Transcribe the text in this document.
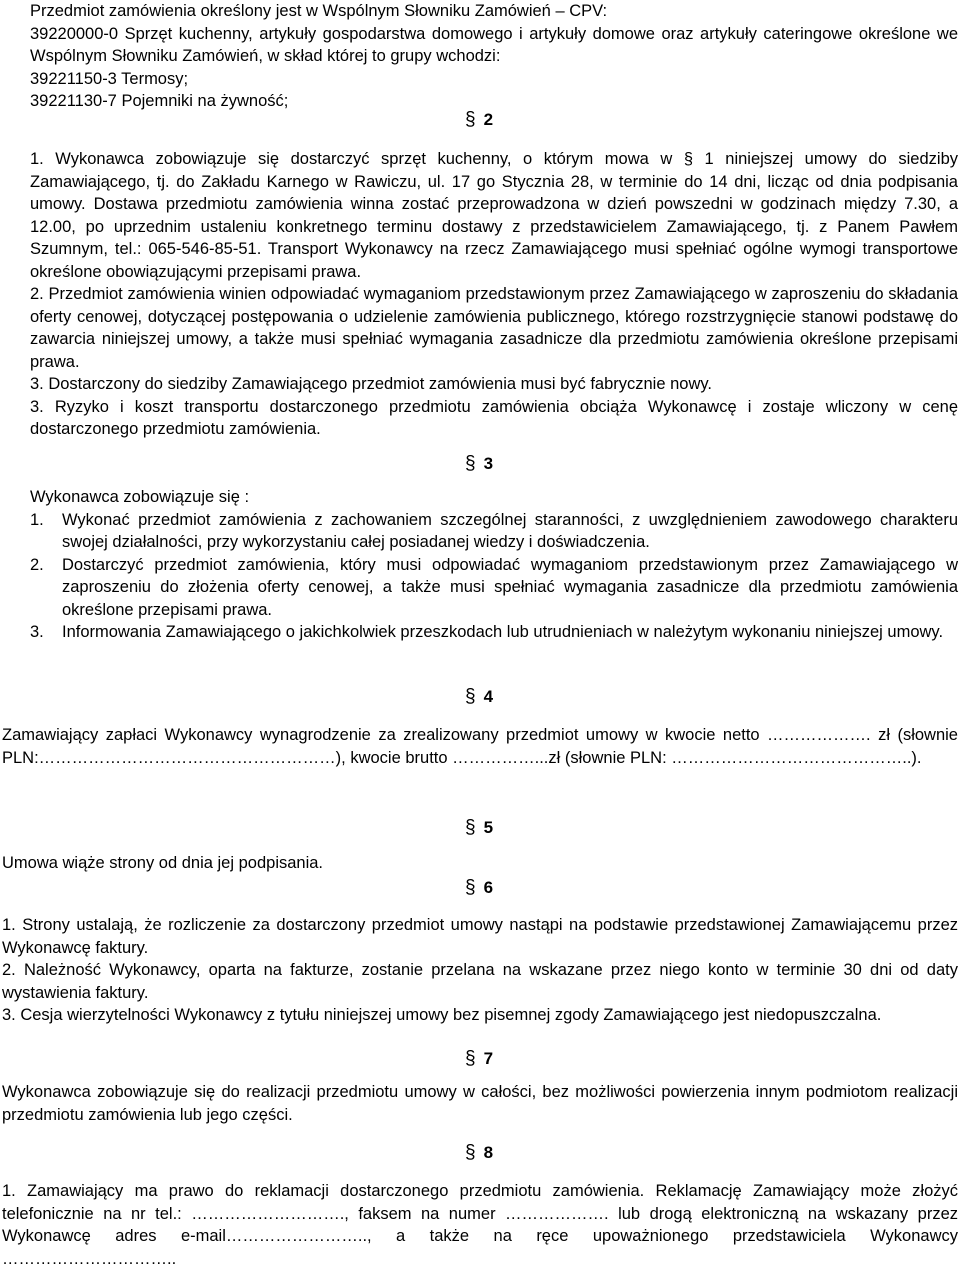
Przedmiot zamówienia określony jest w Wspólnym Słowniku Zamówień – CPV:

39220000-0 Sprzęt kuchenny, artykuły gospodarstwa domowego i artykuły domowe oraz artykuły cateringowe określone we Wspólnym Słowniku Zamówień, w skład której to grupy wchodzi:

39221150-3 Termosy;

39221130-7 Pojemniki na żywność;

§ 2

1. Wykonawca zobowiązuje się dostarczyć sprzęt kuchenny, o którym mowa w § 1 niniejszej umowy do siedziby Zamawiającego, tj. do Zakładu Karnego w Rawiczu, ul. 17 go Stycznia 28, w terminie do 14 dni, licząc od dnia podpisania umowy. Dostawa przedmiotu zamówienia winna zostać przeprowadzona w dzień powszedni w godzinach między 7.30, a 12.00, po uprzednim ustaleniu konkretnego terminu dostawy z przedstawicielem Zamawiającego, tj. z Panem Pawłem Szumnym, tel.: 065-546-85-51. Transport Wykonawcy na rzecz Zamawiającego musi spełniać ogólne wymogi transportowe określone obowiązującymi przepisami prawa.

2. Przedmiot zamówienia winien odpowiadać wymaganiom przedstawionym przez Zamawiającego w zaproszeniu do składania oferty cenowej, dotyczącej postępowania o udzielenie zamówienia publicznego, którego rozstrzygnięcie stanowi podstawę do zawarcia niniejszej umowy, a także musi spełniać wymagania zasadnicze dla przedmiotu zamówienia określone przepisami prawa.

3. Dostarczony do siedziby Zamawiającego przedmiot zamówienia musi być fabrycznie nowy.

3. Ryzyko i koszt transportu dostarczonego przedmiotu zamówienia obciąża Wykonawcę i zostaje wliczony w cenę dostarczonego przedmiotu zamówienia.

§ 3

Wykonawca zobowiązuje się :

1. Wykonać przedmiot zamówienia z zachowaniem szczególnej staranności, z uwzględnieniem zawodowego charakteru swojej działalności, przy wykorzystaniu całej posiadanej wiedzy i doświadczenia.

2. Dostarczyć przedmiot zamówienia, który musi odpowiadać wymaganiom przedstawionym przez Zamawiającego w zaproszeniu do złożenia oferty cenowej, a także musi spełniać wymagania zasadnicze dla przedmiotu zamówienia określone przepisami prawa.

3. Informowania Zamawiającego o jakichkolwiek przeszkodach lub utrudnieniach w należytym wykonaniu niniejszej umowy.

§ 4

Zamawiający zapłaci Wykonawcy wynagrodzenie za zrealizowany przedmiot umowy w kwocie netto ………………. zł (słownie PLN:………………………………………………), kwocie brutto ……………...zł (słownie PLN: ……………………………………..).

§ 5

Umowa wiąże strony od dnia jej podpisania.

§ 6

1. Strony ustalają, że rozliczenie za dostarczony przedmiot umowy nastąpi na podstawie przedstawionej Zamawiającemu przez Wykonawcę faktury.

2. Należność Wykonawcy, oparta na fakturze, zostanie przelana na wskazane przez niego konto w terminie 30 dni od daty wystawienia faktury.

3. Cesja wierzytelności Wykonawcy z tytułu niniejszej umowy bez pisemnej zgody Zamawiającego jest niedopuszczalna.

§ 7

Wykonawca zobowiązuje się do realizacji przedmiotu umowy w całości, bez możliwości powierzenia innym podmiotom realizacji przedmiotu zamówienia lub jego części.

§ 8

1. Zamawiający ma prawo do reklamacji dostarczonego przedmiotu zamówienia. Reklamację Zamawiający może złożyć telefonicznie na nr tel.: ………………………., faksem na numer ………………. lub drogą elektroniczną na wskazany przez Wykonawcę adres e-mail…………………….., a także na ręce upoważnionego przedstawiciela Wykonawcy …………………………..
